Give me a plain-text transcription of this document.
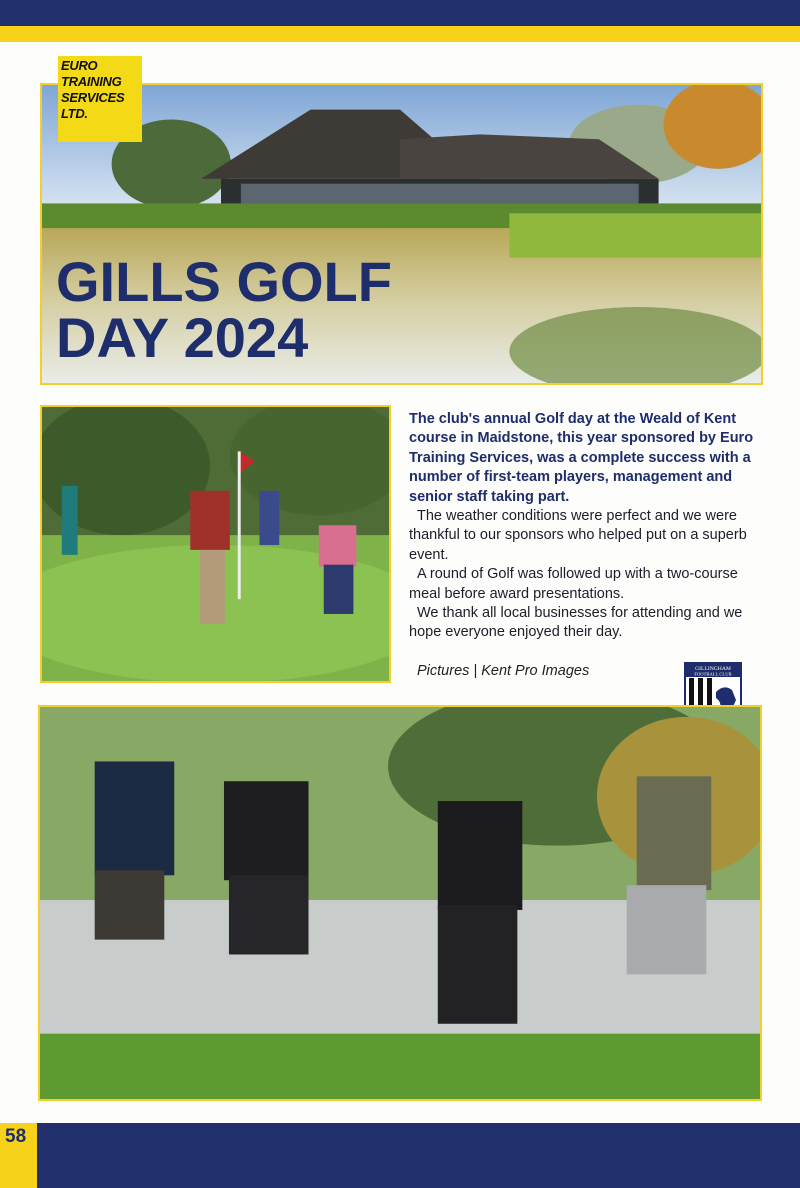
EURO
TRAINING
SERVICES
LTD.
GILLS GOLF
DAY 2024

The club's annual Golf day at the Weald of Kent course in Maidstone, this year sponsored by Euro Training Services, was a complete success with a number of first-team players, management and senior staff taking part.

The weather conditions were perfect and we were thankful to our sponsors who helped put on a superb event.

A round of Golf was followed up with a two-course meal before award presentations.

We thank all local businesses for attending and we hope everyone enjoyed their day.

Pictures | Kent Pro Images	GILLINGHAM
FOOTBALL CLUB
58
